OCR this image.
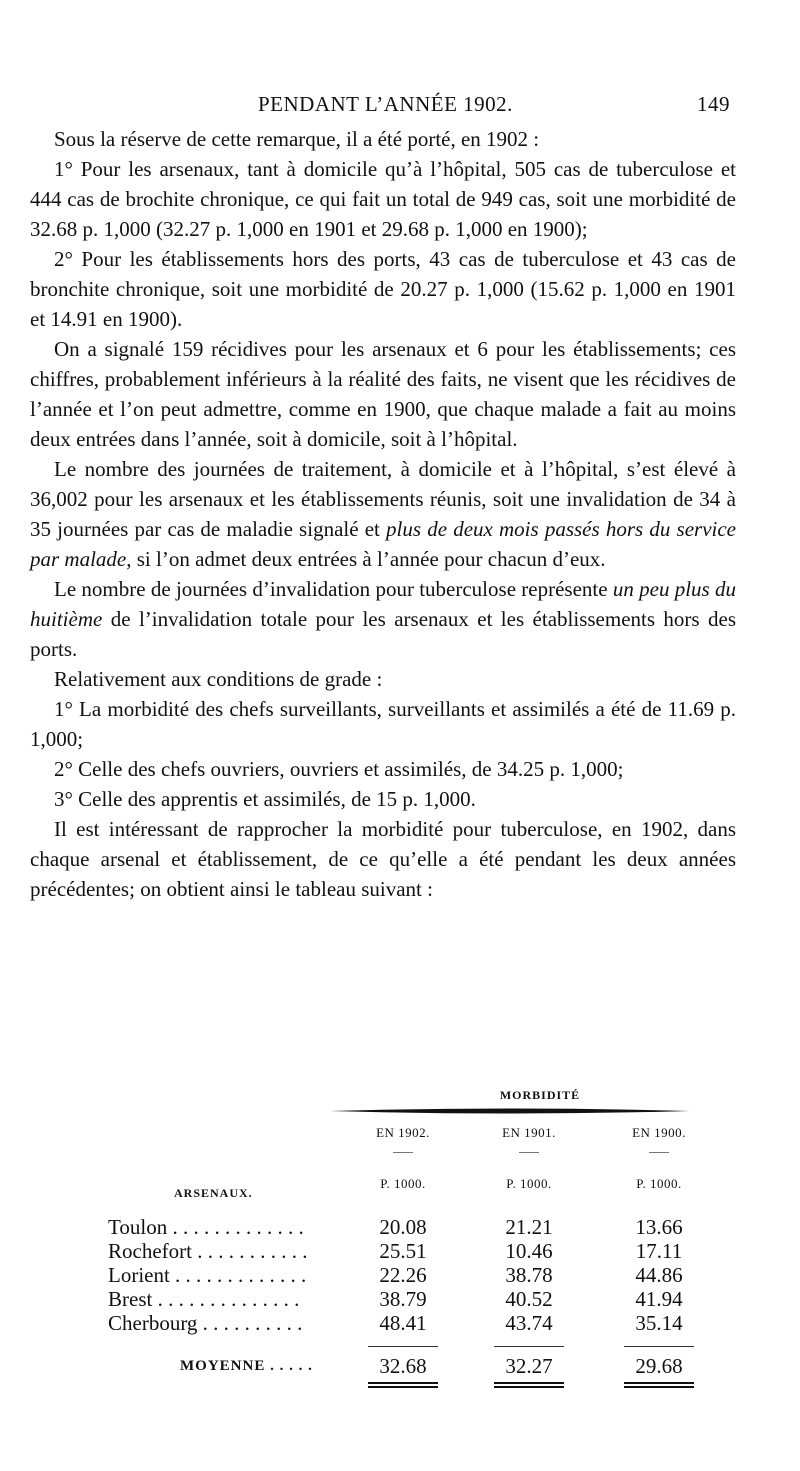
PENDANT L’ANNÉE 1902.	149

Sous la réserve de cette remarque, il a été porté, en 1902 :

1° Pour les arsenaux, tant à domicile qu’à l’hôpital, 505 cas de tuberculose et 444 cas de brochite chronique, ce qui fait un total de 949 cas, soit une morbidité de 32.68 p. 1,000 (32.27 p. 1,000 en 1901 et 29.68 p. 1,000 en 1900);

2° Pour les établissements hors des ports, 43 cas de tuberculose et 43 cas de bronchite chronique, soit une morbidité de 20.27 p. 1,000 (15.62 p. 1,000 en 1901 et 14.91 en 1900).

On a signalé 159 récidives pour les arsenaux et 6 pour les établissements; ces chiffres, probablement inférieurs à la réalité des faits, ne visent que les récidives de l’année et l’on peut admettre, comme en 1900, que chaque malade a fait au moins deux entrées dans l’année, soit à domicile, soit à l’hôpital.

Le nombre des journées de traitement, à domicile et à l’hôpital, s’est élevé à 36,002 pour les arsenaux et les établissements réunis, soit une invalidation de 34 à 35 journées par cas de maladie signalé et plus de deux mois passés hors du service par malade, si l’on admet deux entrées à l’année pour chacun d’eux.

Le nombre de journées d’invalidation pour tuberculose représente un peu plus du huitième de l’invalidation totale pour les arsenaux et les établissements hors des ports.

Relativement aux conditions de grade :

1° La morbidité des chefs surveillants, surveillants et assimilés a été de 11.69 p. 1,000;

2° Celle des chefs ouvriers, ouvriers et assimilés, de 34.25 p. 1,000;

3° Celle des apprentis et assimilés, de 15 p. 1,000.

Il est intéressant de rapprocher la morbidité pour tuberculose, en 1902, dans chaque arsenal et établissement, de ce qu’elle a été pendant les deux années précédentes; on obtient ainsi le tableau suivant :

MORBIDITÉ
EN 1902.	EN 1901.	EN 1900.
P. 1000.	P. 1000.	P. 1000.
ARSENAUX.
Toulon . . . . . . . . . . . . .	20.08	21.21	13.66
Rochefort . . . . . . . . . . .	25.51	10.46	17.11
Lorient . . . . . . . . . . . . .	22.26	38.78	44.86
Brest . . . . . . . . . . . . . .	38.79	40.52	41.94
Cherbourg . . . . . . . . . .	48.41	43.74	35.14
MOYENNE . . . . .	32.68	32.27	29.68
